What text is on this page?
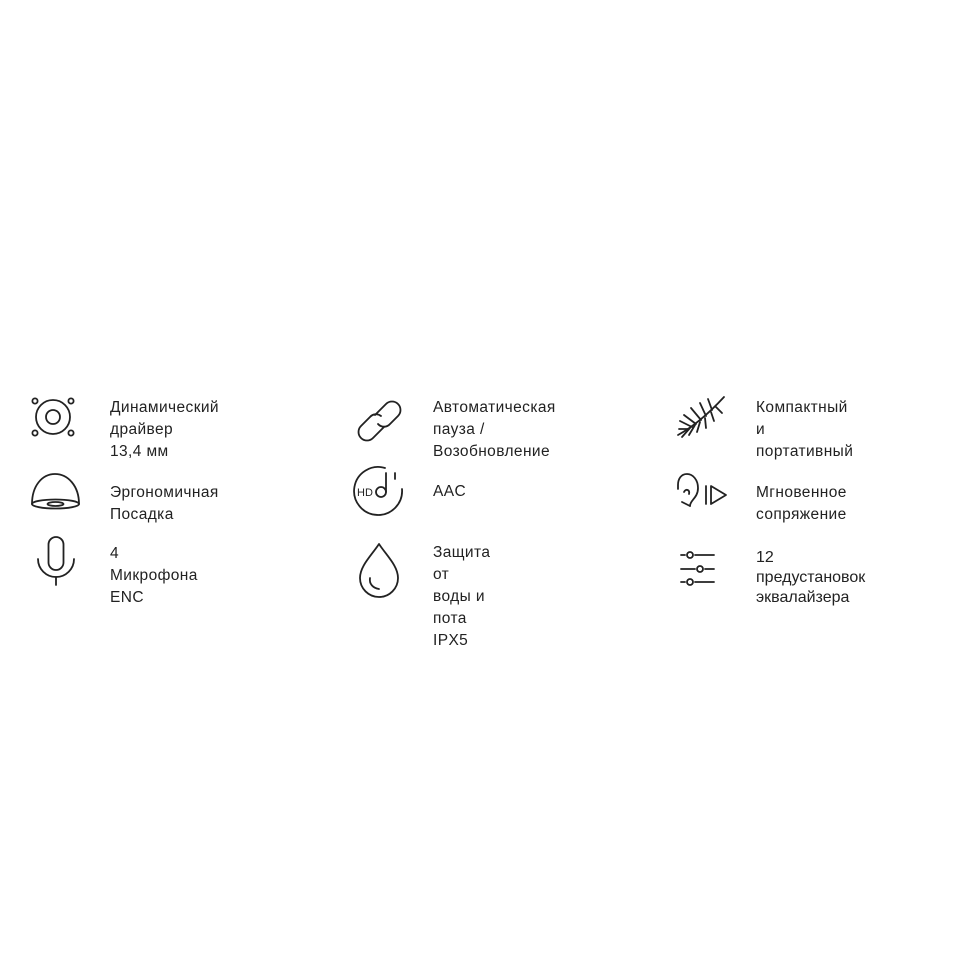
Динамический драйвер
13,4 мм
Автоматическая пауза /
Возобновление
Компактный и
портативный
Эргономичная Посадка
HD	AAC	Мгновенное сопряжение
4 Микрофона ENC
Защита от воды и пота
IPX5
12 предустановок
эквалайзера
